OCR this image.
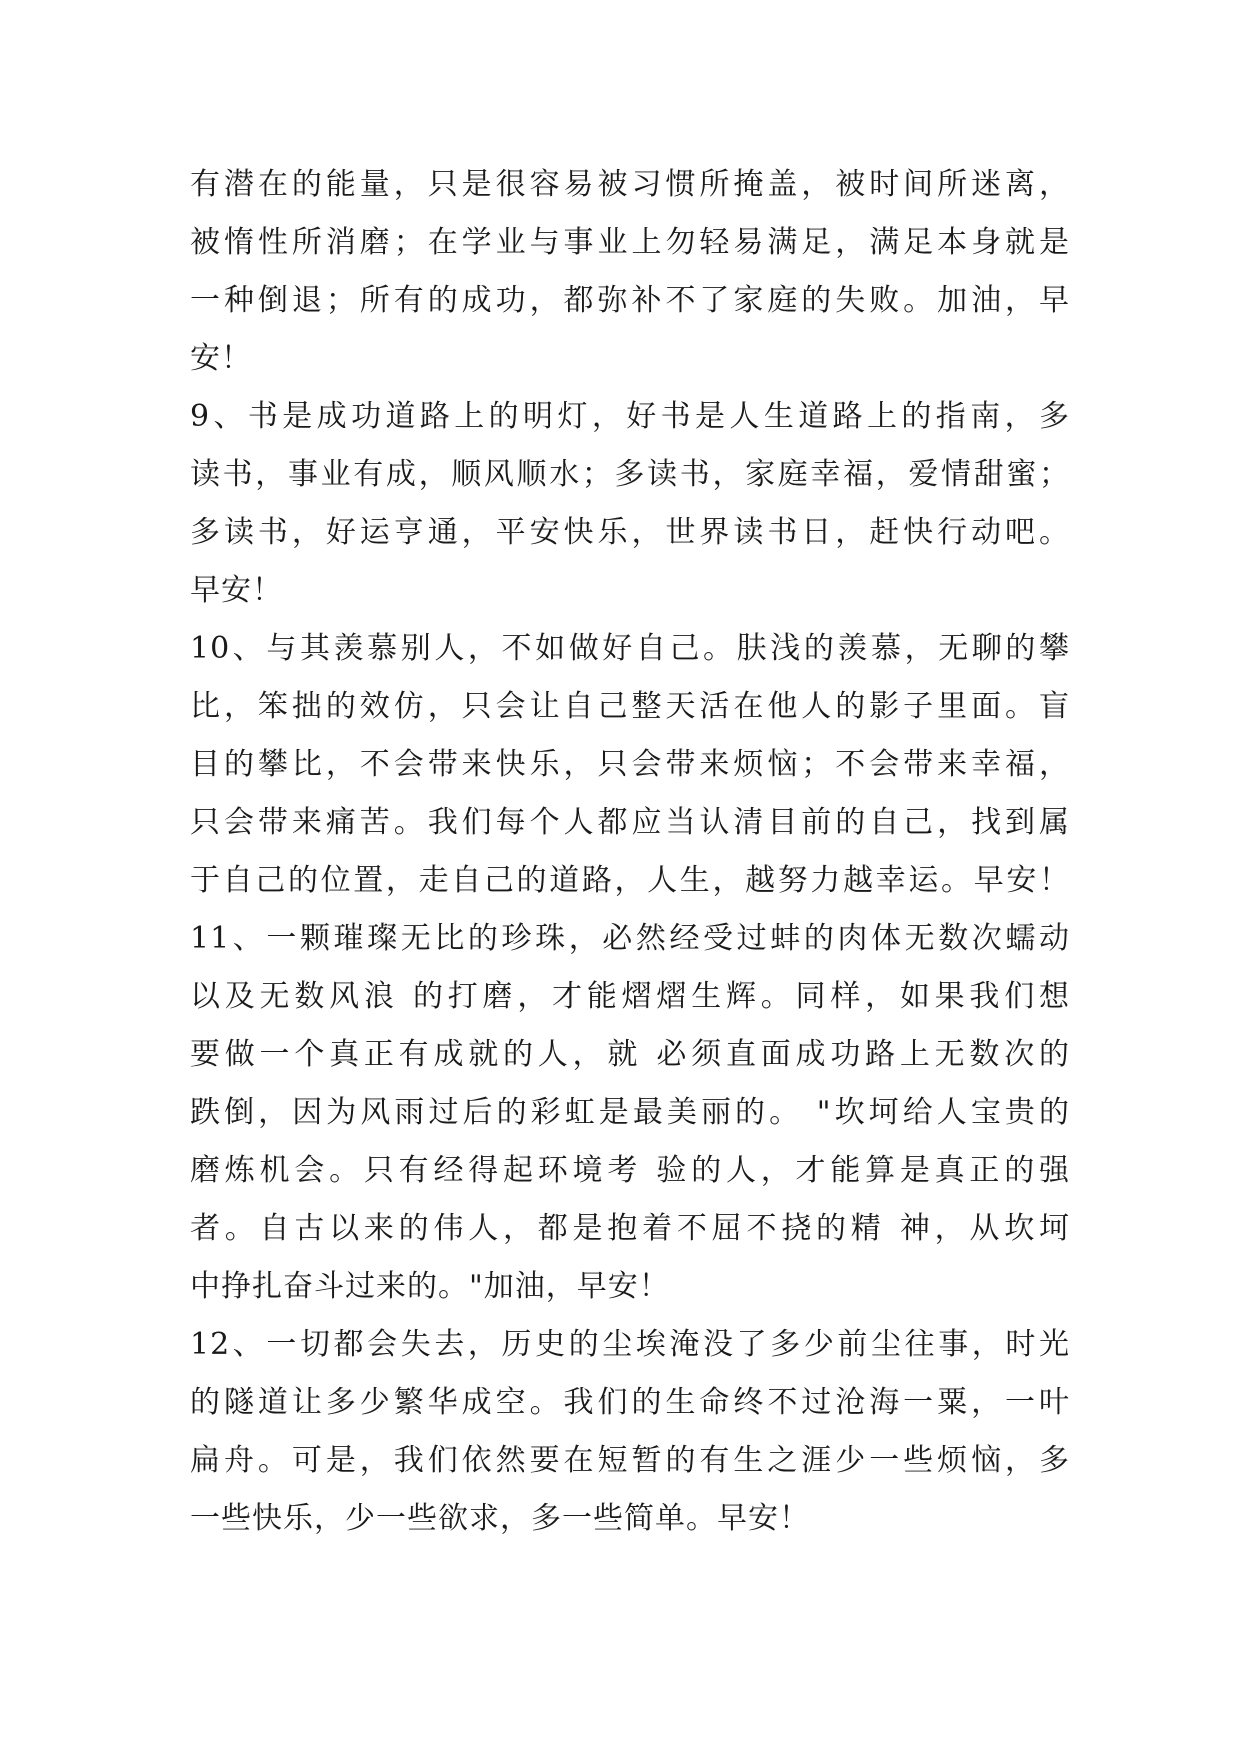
有潜在的能量，只是很容易被习惯所掩盖，被时间所迷离，
被惰性所消磨；在学业与事业上勿轻易满足，满足本身就是
一种倒退；所有的成功，都弥补不了家庭的失败。加油，早
安！
9、书是成功道路上的明灯，好书是人生道路上的指南，多
读书，事业有成，顺风顺水；多读书，家庭幸福，爱情甜蜜；
多读书，好运亨通，平安快乐，世界读书日，赶快行动吧。
早安！
10、与其羡慕别人，不如做好自己。肤浅的羡慕，无聊的攀
比，笨拙的效仿，只会让自己整天活在他人的影子里面。盲
目的攀比，不会带来快乐，只会带来烦恼；不会带来幸福，
只会带来痛苦。我们每个人都应当认清目前的自己，找到属
于自己的位置，走自己的道路，人生，越努力越幸运。早安！
11、一颗璀璨无比的珍珠，必然经受过蚌的肉体无数次蠕动
以及无数风浪 的打磨，才能熠熠生辉。同样，如果我们想
要做一个真正有成就的人，就 必须直面成功路上无数次的
跌倒，因为风雨过后的彩虹是最美丽的。 "坎坷给人宝贵的
磨炼机会。只有经得起环境考 验的人，才能算是真正的强
者。自古以来的伟人，都是抱着不屈不挠的精 神，从坎坷
中挣扎奋斗过来的。"加油，早安！
12、一切都会失去，历史的尘埃淹没了多少前尘往事，时光
的隧道让多少繁华成空。我们的生命终不过沧海一粟，一叶
扁舟。可是，我们依然要在短暂的有生之涯少一些烦恼，多
一些快乐，少一些欲求，多一些简单。早安！
